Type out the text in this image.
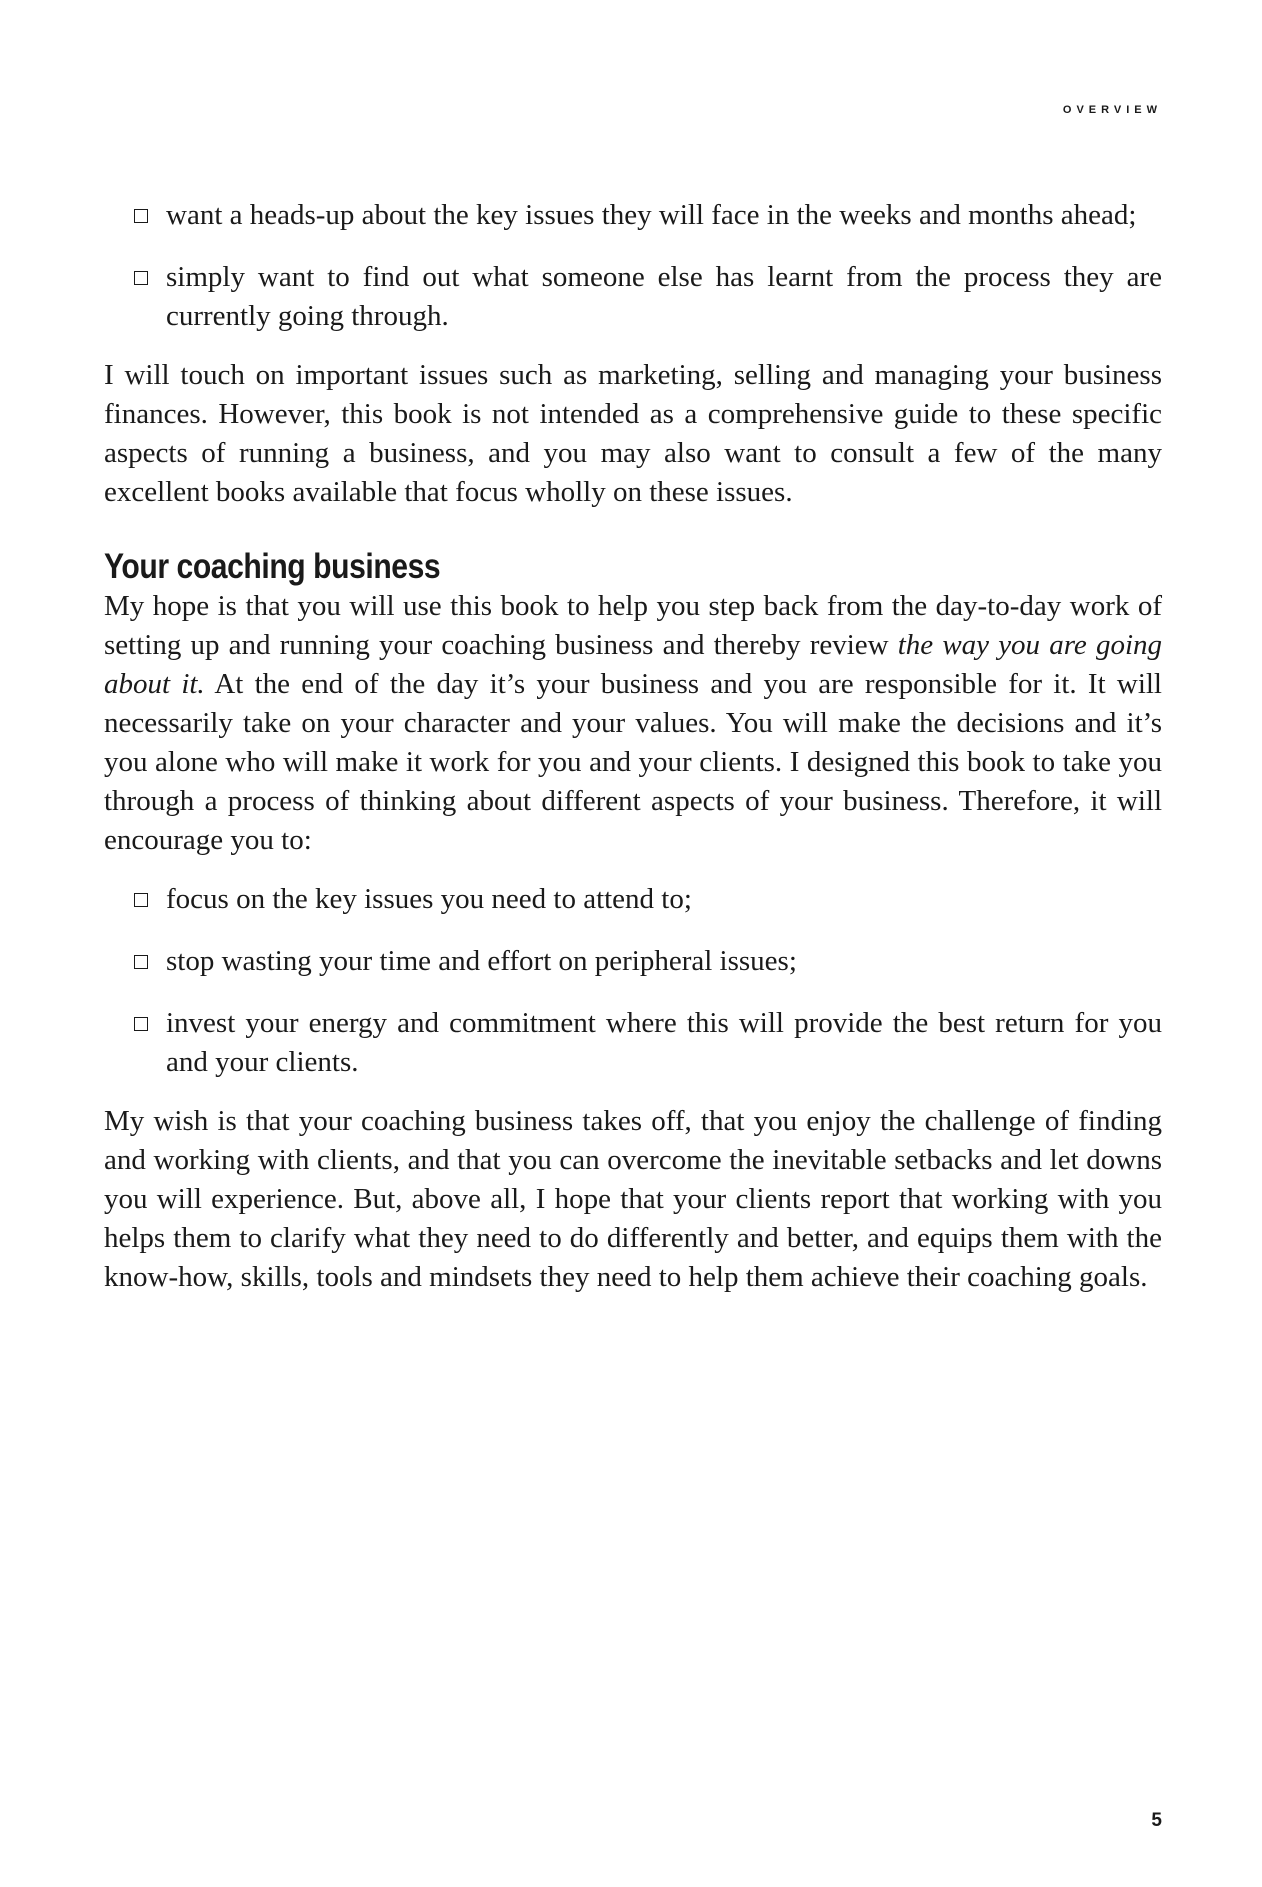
overview
want a heads-up about the key issues they will face in the weeks and months ahead;
simply want to find out what someone else has learnt from the process they are currently going through.

I will touch on important issues such as marketing, selling and managing your business finances. However, this book is not intended as a comprehensive guide to these specific aspects of running a business, and you may also want to consult a few of the many excellent books available that focus wholly on these issues.

Your coaching business

My hope is that you will use this book to help you step back from the day-to-day work of setting up and running your coaching business and thereby review the way you are going about it. At the end of the day it’s your business and you are responsible for it. It will necessarily take on your character and your values. You will make the decisions and it’s you alone who will make it work for you and your clients. I designed this book to take you through a process of thinking about different aspects of your business. Therefore, it will encourage you to:

focus on the key issues you need to attend to;
stop wasting your time and effort on peripheral issues;
invest your energy and commitment where this will provide the best return for you and your clients.

My wish is that your coaching business takes off, that you enjoy the challenge of finding and working with clients, and that you can overcome the inevitable setbacks and let downs you will experience. But, above all, I hope that your clients report that working with you helps them to clarify what they need to do differently and better, and equips them with the know-how, skills, tools and mindsets they need to help them achieve their coaching goals.

5
